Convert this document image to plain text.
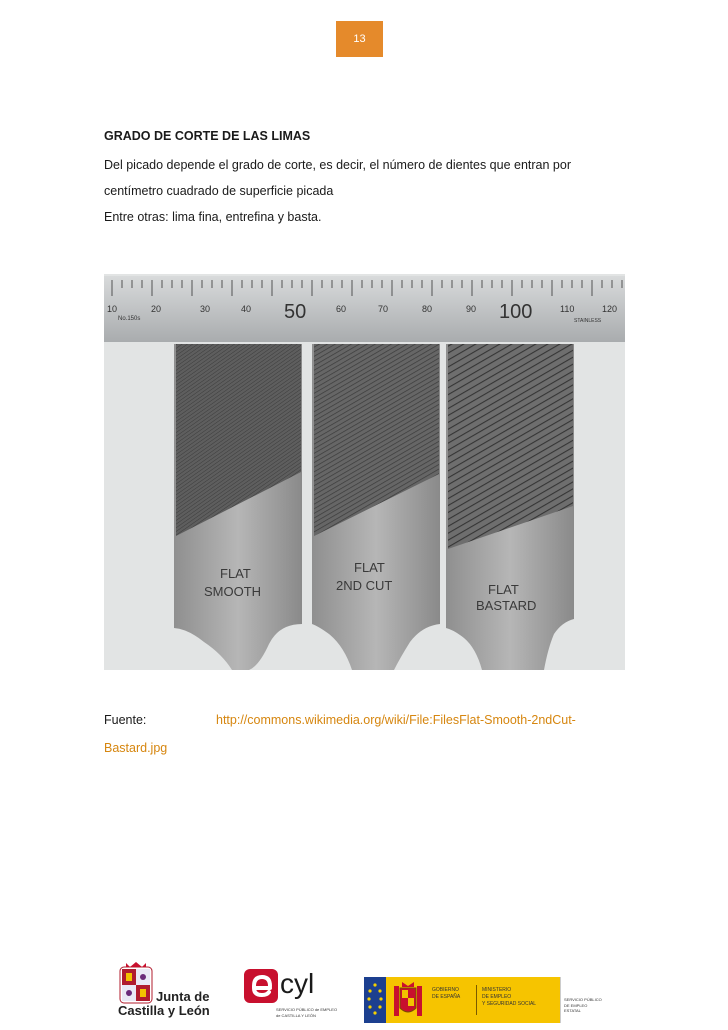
13

GRADO DE CORTE DE LAS LIMAS

Del picado depende el grado de corte, es decir, el número de dientes que entran por

centímetro cuadrado de superficie picada

Entre otras: lima fina, entrefina y basta.

10	20	30	40 50	60	70	80	90 100	110	120
No.150s	STAINLESS
FLAT
SMOOTH
FLAT
2ND CUT	FLAT
BASTARD
Fuente:	http://commons.wikimedia.org/wiki/File:FilesFlat-Smooth-2ndCut-
Bastard.jpg
Junta de
Castilla y León
cyl
SERVICIO PÚBLICO de EMPLEO
de CASTILLA Y LEÓN
GOBIERNO
DE ESPAÑA
MINISTERIO
DE EMPLEO
Y SEGURIDAD SOCIAL
SERVICIO PÚBLICO
DE EMPLEO ESTATAL
